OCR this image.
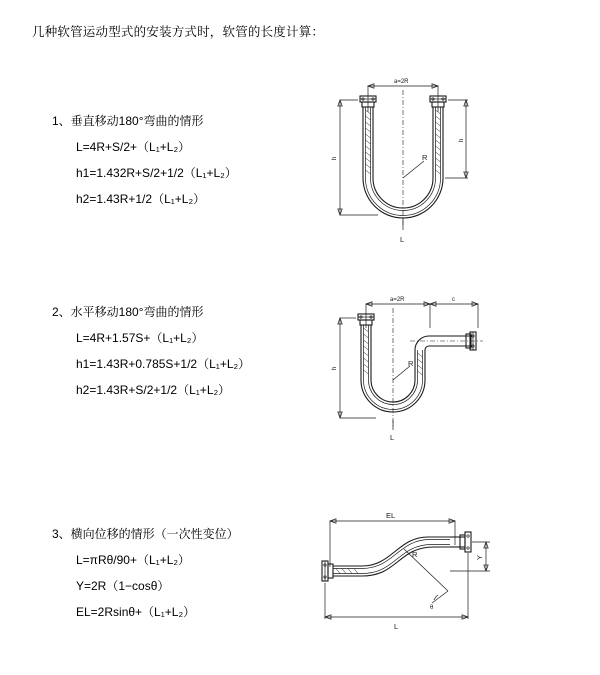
几种软管运动型式的安装方式时，软管的长度计算：
1、垂直移动180°弯曲的情形
L=4R+S/2+（L₁+L₂）
h1=1.432R+S/2+1/2（L₁+L₂）
h2=1.43R+1/2（L₁+L₂）
a=2R
h
h
R
L
2、水平移动180°弯曲的情形
L=4R+1.57S+（L₁+L₂）
h1=1.43R+0.785S+1/2（L₁+L₂）
h2=1.43R+S/2+1/2（L₁+L₂）
a=2R	c
h
R
L
3、横向位移的情形（一次性变位）
L=πRθ/90+（L₁+L₂）
Y=2R（1−cosθ）
EL=2Rsinθ+（L₁+L₂）
EL
Y
R
θ
L
